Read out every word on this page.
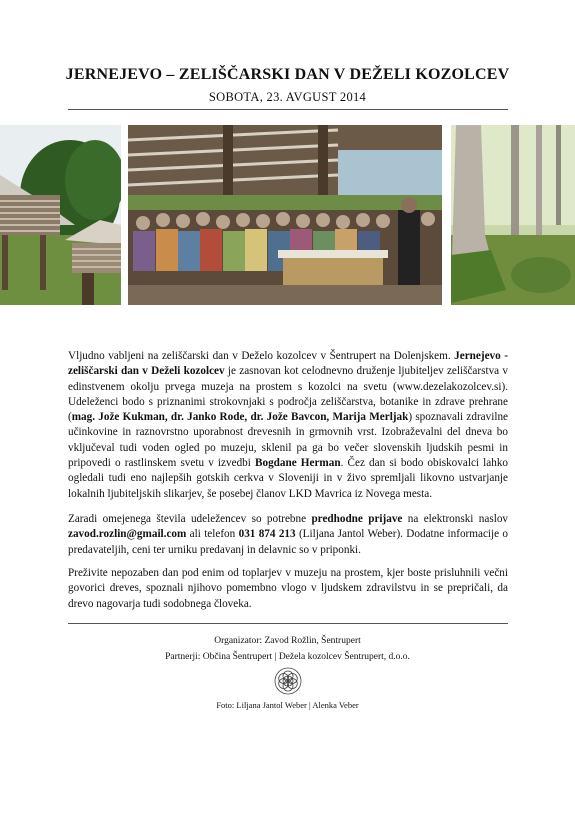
JERNEJEVO – ZELIŠČARSKI DAN V DEŽELI KOZOLCEV
SOBOTA, 23. AVGUST 2014

Vljudno vabljeni na zeliščarski dan v Deželo kozolcev v Šentrupert na Dolenjskem. Jernejevo - zeliščarski dan v Deželi kozolcev je zasnovan kot celodnevno druženje ljubiteljev zeliščarstva v edinstvenem okolju prvega muzeja na prostem s kozolci na svetu (www.dezelakozolcev.si). Udeleženci bodo s priznanimi strokovnjaki s področja zeliščarstva, botanike in zdrave prehrane (mag. Jože Kukman, dr. Janko Rode, dr. Jože Bavcon, Marija Merljak) spoznavali zdravilne učinkovine in raznovrstno uporabnost drevesnih in grmovnih vrst. Izobraževalni del dneva bo vključeval tudi voden ogled po muzeju, sklenil pa ga bo večer slovenskih ljudskih pesmi in pripovedi o rastlinskem svetu v izvedbi Bogdane Herman. Čez dan si bodo obiskovalci lahko ogledali tudi eno najlepših gotskih cerkva v Sloveniji in v živo spremljali likovno ustvarjanje lokalnih ljubiteljskih slikarjev, še posebej članov LKD Mavrica iz Novega mesta.

Zaradi omejenega števila udeležencev so potrebne predhodne prijave na elektronski naslov zavod.rozlin@gmail.com ali telefon 031 874 213 (Liljana Jantol Weber). Dodatne informacije o predavateljih, ceni ter urniku predavanj in delavnic so v priponki.

Preživite nepozaben dan pod enim od toplarjev v muzeju na prostem, kjer boste prisluhnili večni govorici dreves, spoznali njihovo pomembno vlogo v ljudskem zdravilstvu in se prepričali, da drevo nagovarja tudi sodobnega človeka.

Organizator: Zavod Rožlin, Šentrupert
Partnerji: Občina Šentrupert | Dežela kozolcev Šentrupert, d.o.o.
Foto: Liljana Jantol Weber | Alenka Veber
